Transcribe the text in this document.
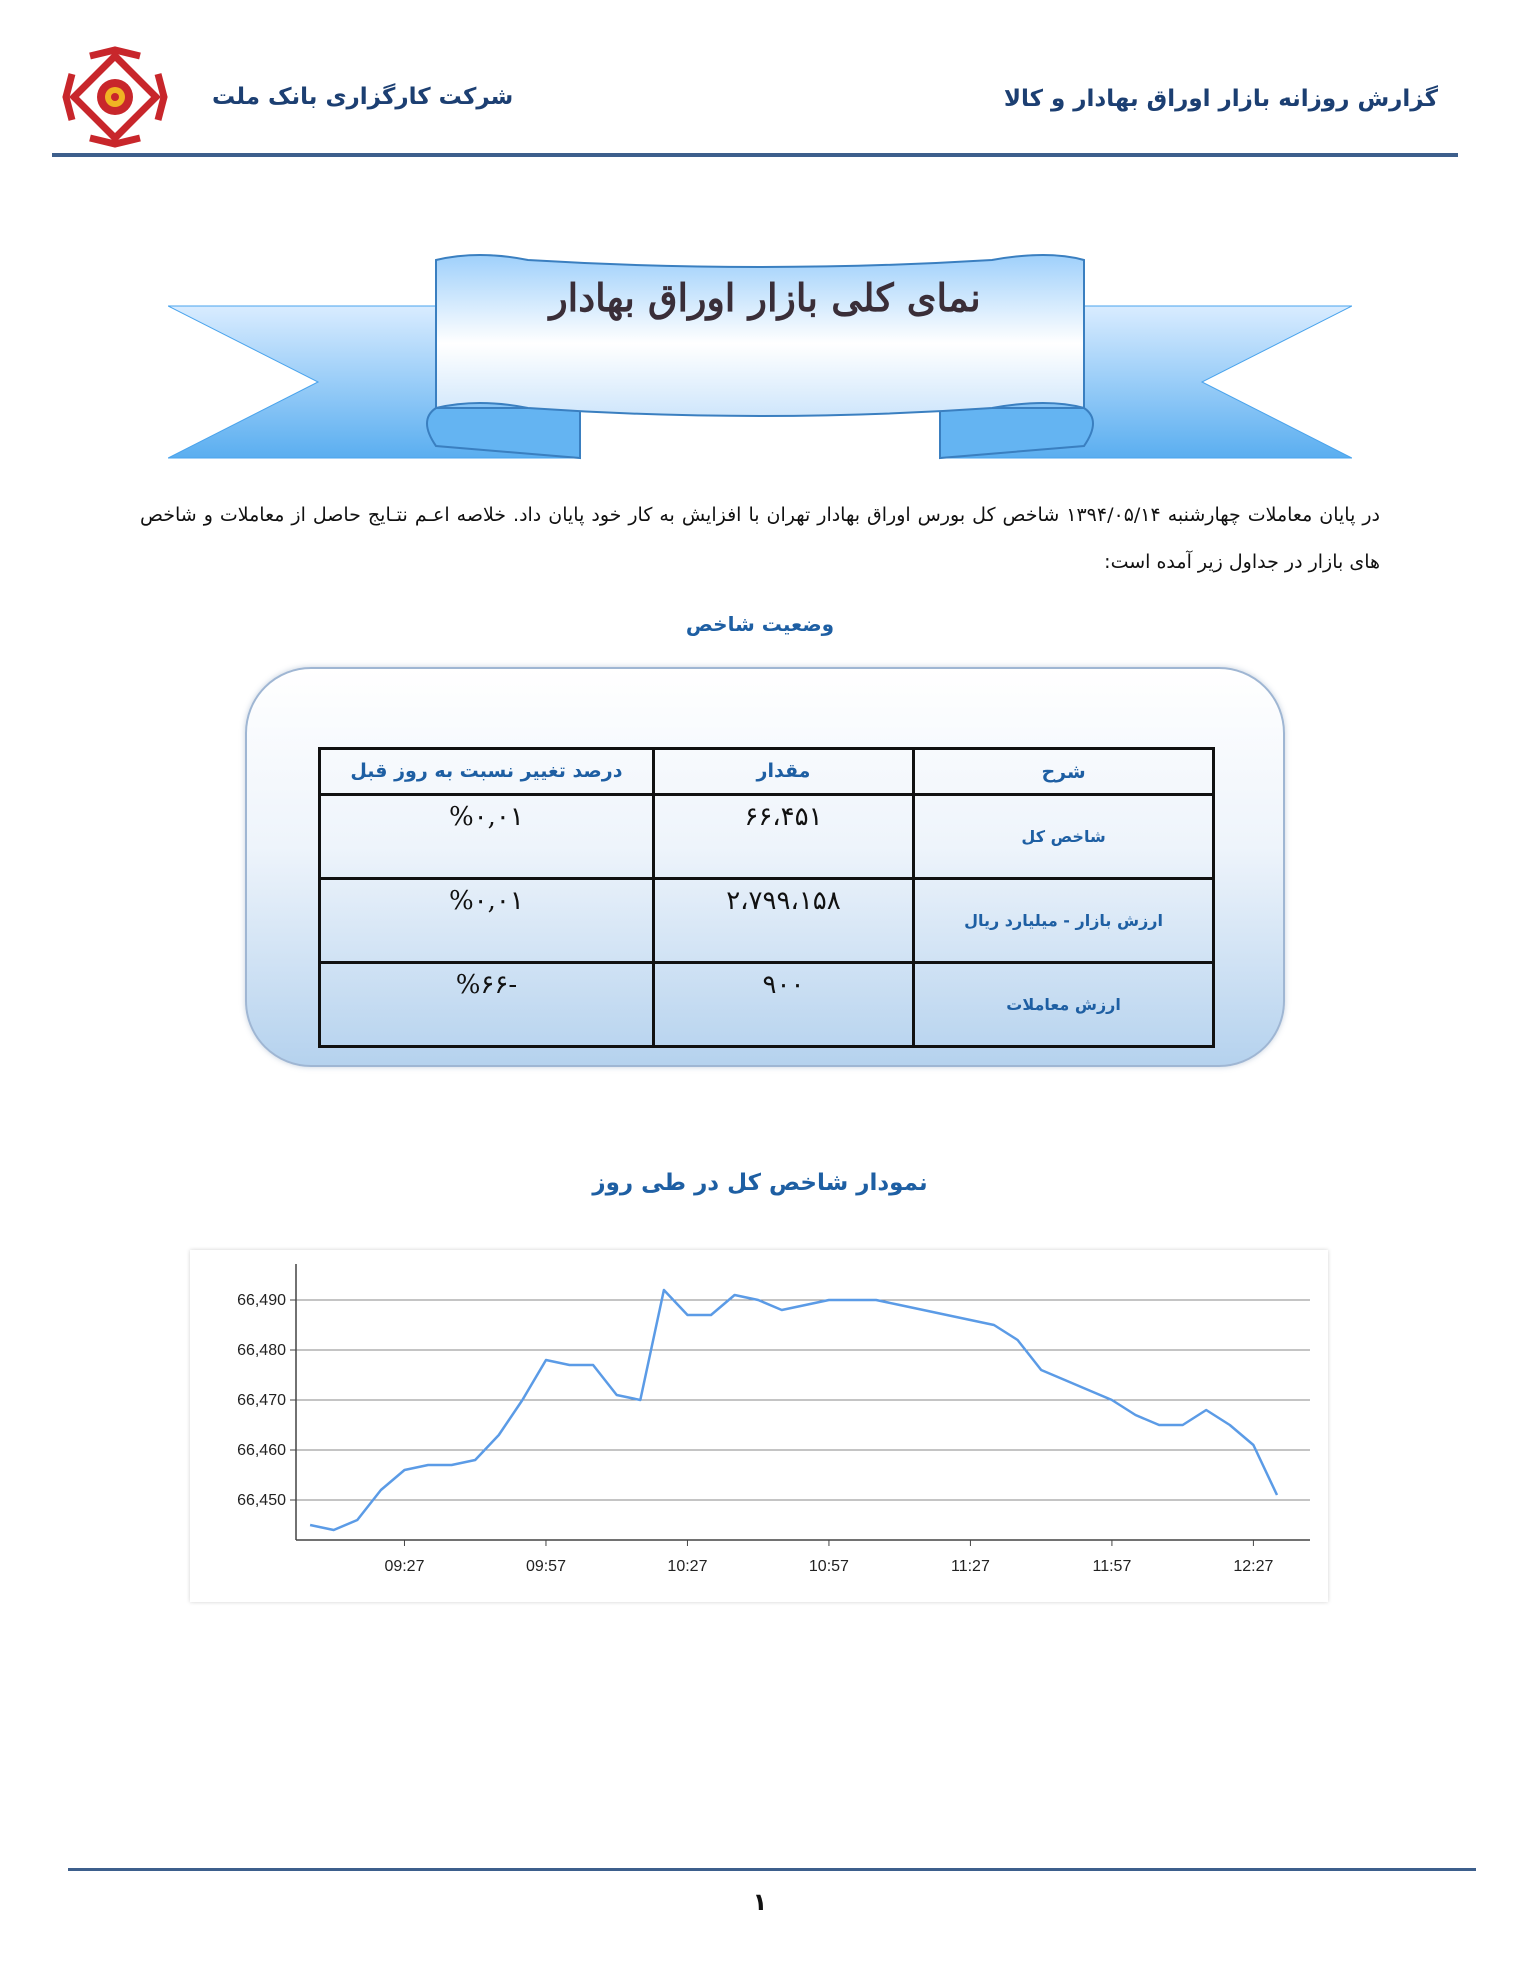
شرکت کارگزاری بانک ملت	گزارش روزانه بازار اوراق بهادار و کالا
نمای کلی بازار اوراق بهادار
در پایان معاملات چهارشنبه ۱۳۹۴/۰۵/۱۴ شاخص کل بورس اوراق بهادار تهران با افزایش به کار خود پایان داد. خلاصه اعـم نتـایج حاصل از معاملات و شاخص های بازار در جداول زیر آمده است:
وضعیت شاخص
شرح	مقدار	درصد تغییر نسبت به روز قبل
شاخص کل	۶۶،۴۵۱	%۰,۰۱
ارزش بازار - میلیارد ریال	۲،۷۹۹،۱۵۸	%۰,۰۱
ارزش معاملات	۹۰۰	-%۶۶
نمودار شاخص کل در طی روز
66,450
66,460
66,470
66,480
66,490
09:27	09:57	10:27	10:57	11:27	11:57	12:27
۱
